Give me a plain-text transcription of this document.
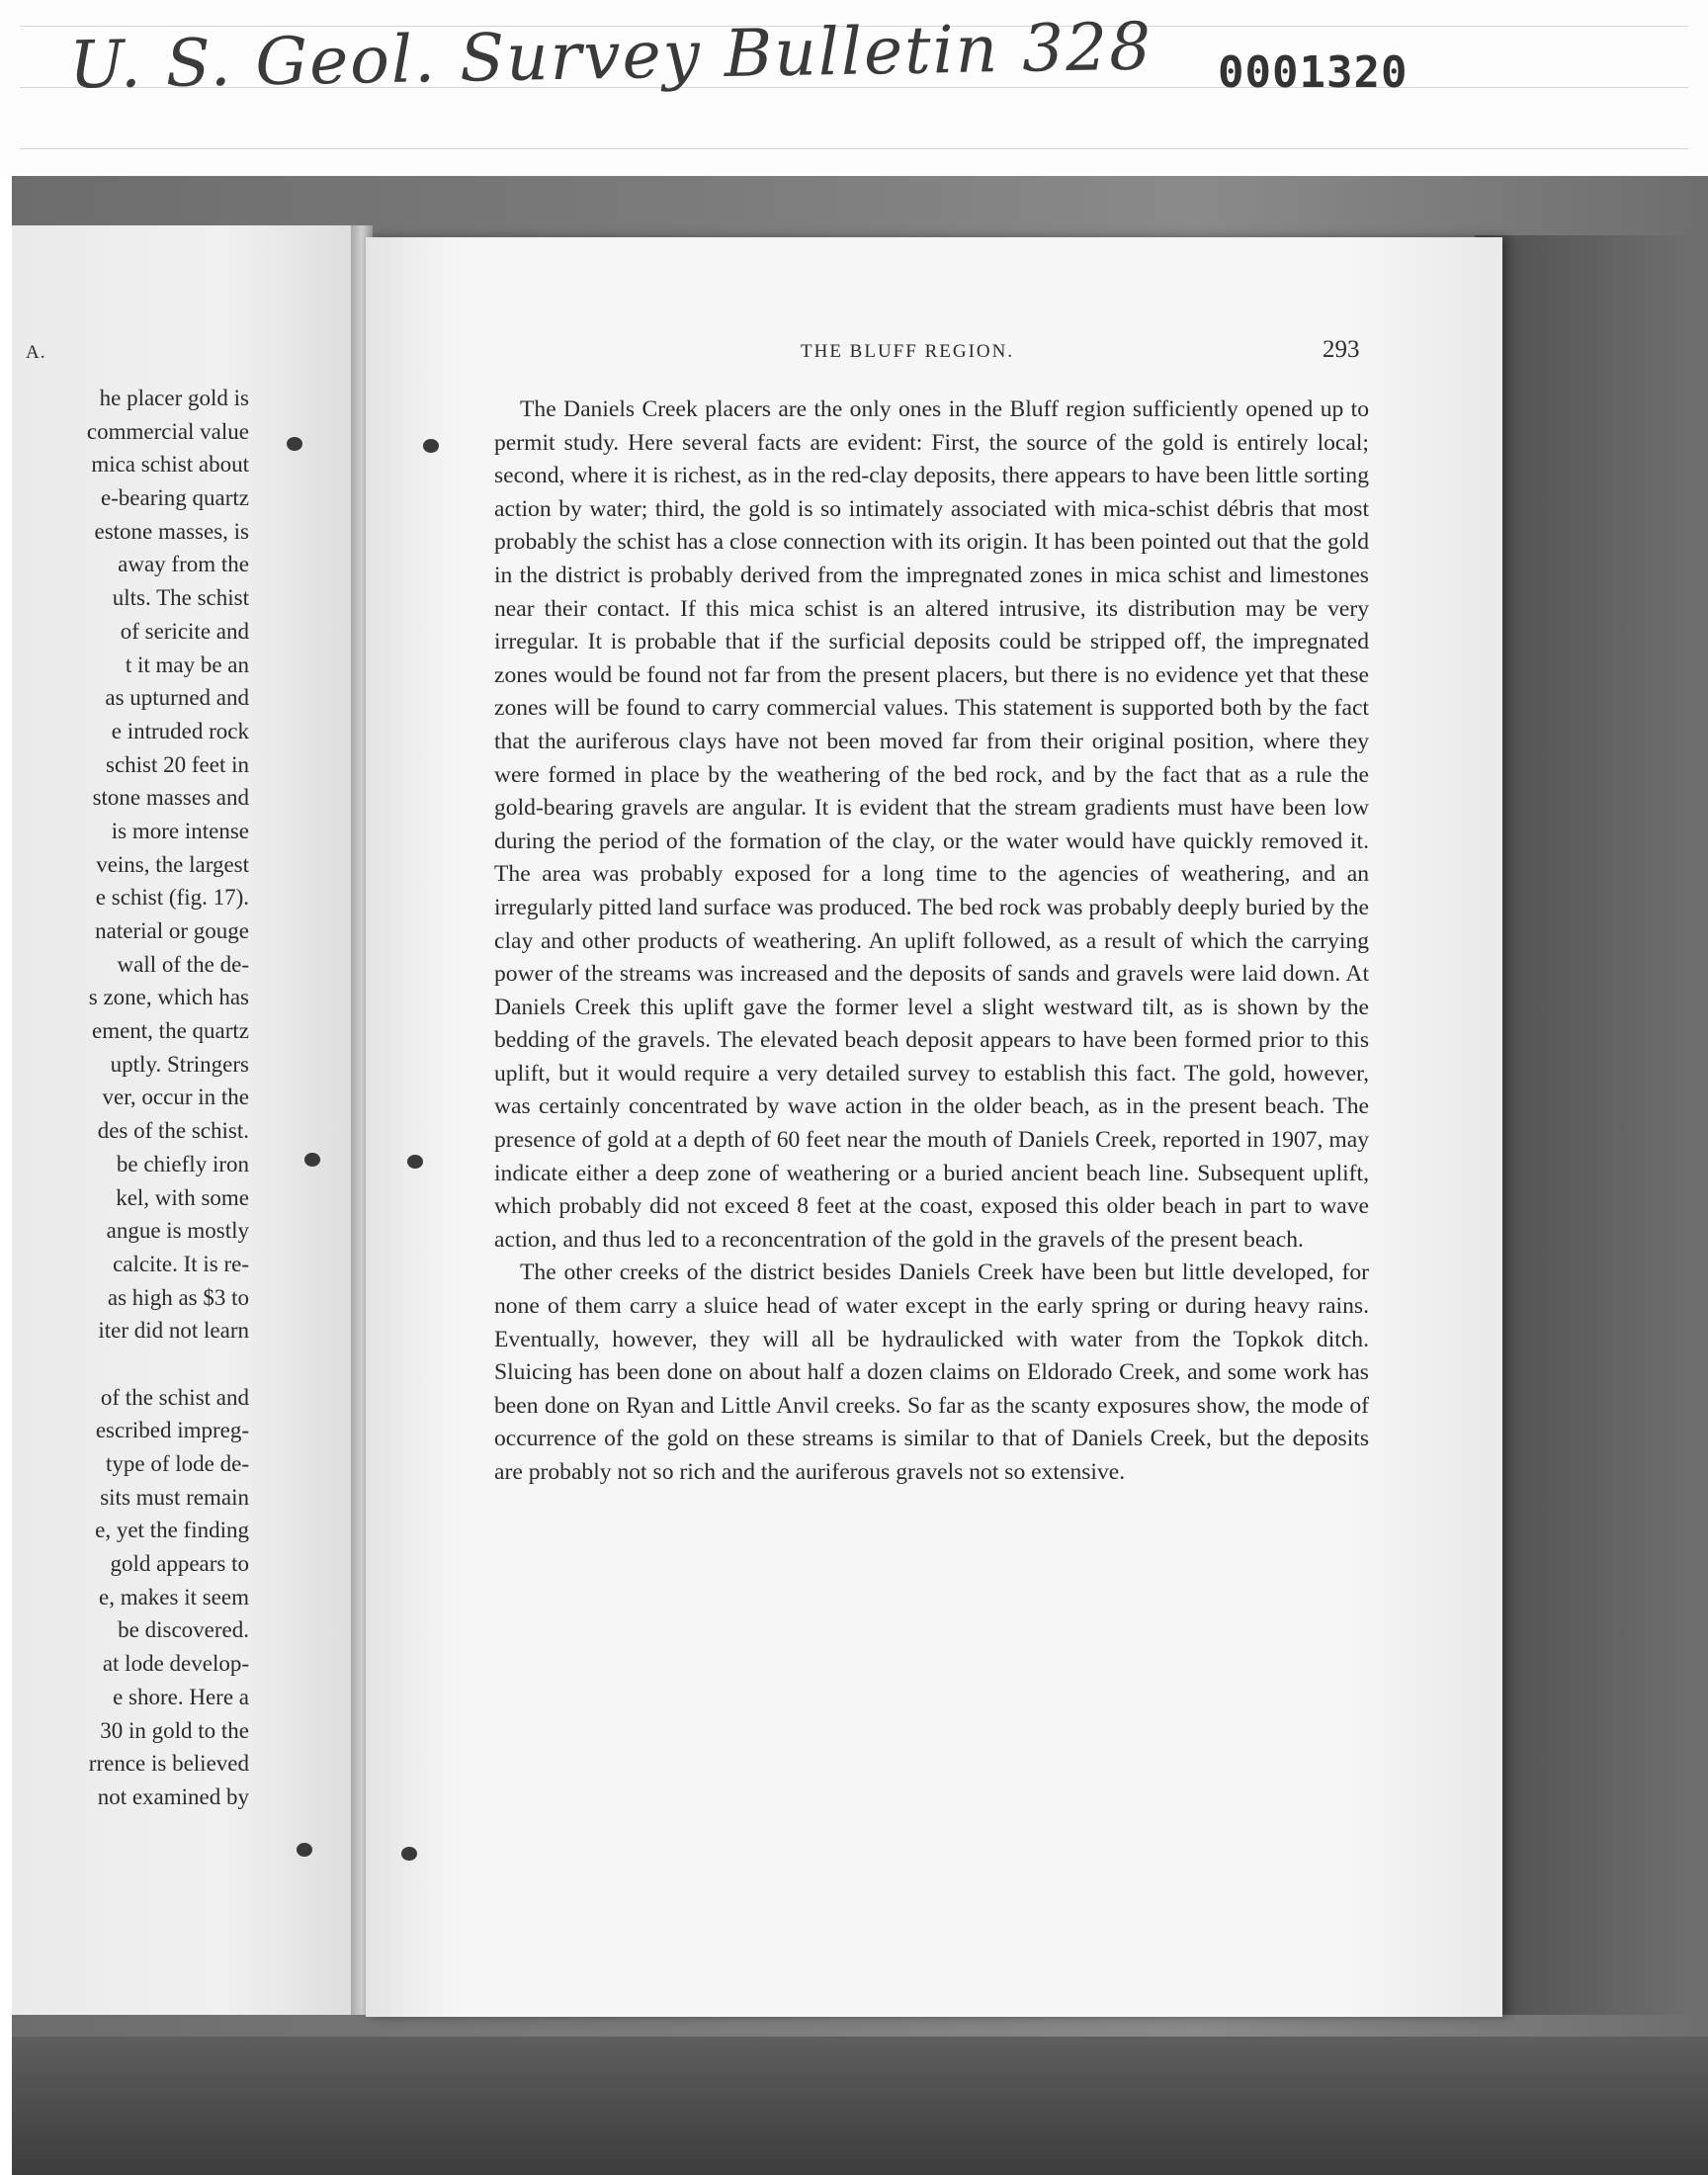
U. S. Geol. Survey Bulletin 328 0001320
A.
he placer gold is
commercial value
mica schist about
e-bearing quartz
estone masses, is
away from the
ults. The schist
of sericite and
t it may be an
as upturned and
e intruded rock
schist 20 feet in
stone masses and
is more intense
veins, the largest
e schist (fig. 17).
naterial or gouge
wall of the de-
s zone, which has
ement, the quartz
uptly. Stringers
ver, occur in the
des of the schist.
be chiefly iron
kel, with some
angue is mostly
calcite. It is re-
as high as $3 to
iter did not learn
of the schist and
escribed impreg-
type of lode de-
sits must remain
e, yet the finding
gold appears to
e, makes it seem
be discovered.
at lode develop-
e shore. Here a
30 in gold to the
rrence is believed
not examined by
THE BLUFF REGION.	293

The Daniels Creek placers are the only ones in the Bluff region sufficiently opened up to permit study. Here several facts are evident: First, the source of the gold is entirely local; second, where it is richest, as in the red-clay deposits, there appears to have been little sorting action by water; third, the gold is so intimately associated with mica-schist débris that most probably the schist has a close connection with its origin. It has been pointed out that the gold in the district is probably derived from the impregnated zones in mica schist and limestones near their contact. If this mica schist is an altered intrusive, its distribution may be very irregular. It is probable that if the surficial deposits could be stripped off, the impregnated zones would be found not far from the present placers, but there is no evidence yet that these zones will be found to carry commercial values. This statement is supported both by the fact that the auriferous clays have not been moved far from their original position, where they were formed in place by the weathering of the bed rock, and by the fact that as a rule the gold-bearing gravels are angular. It is evident that the stream gradients must have been low during the period of the formation of the clay, or the water would have quickly removed it. The area was probably exposed for a long time to the agencies of weathering, and an irregularly pitted land surface was produced. The bed rock was probably deeply buried by the clay and other products of weathering. An uplift followed, as a result of which the carrying power of the streams was increased and the deposits of sands and gravels were laid down. At Daniels Creek this uplift gave the former level a slight westward tilt, as is shown by the bedding of the gravels. The elevated beach deposit appears to have been formed prior to this uplift, but it would require a very detailed survey to establish this fact. The gold, however, was certainly concentrated by wave action in the older beach, as in the present beach. The presence of gold at a depth of 60 feet near the mouth of Daniels Creek, reported in 1907, may indicate either a deep zone of weathering or a buried ancient beach line. Subsequent uplift, which probably did not exceed 8 feet at the coast, exposed this older beach in part to wave action, and thus led to a reconcentration of the gold in the gravels of the present beach.

The other creeks of the district besides Daniels Creek have been but little developed, for none of them carry a sluice head of water except in the early spring or during heavy rains. Eventually, however, they will all be hydraulicked with water from the Topkok ditch. Sluicing has been done on about half a dozen claims on Eldorado Creek, and some work has been done on Ryan and Little Anvil creeks. So far as the scanty exposures show, the mode of occurrence of the gold on these streams is similar to that of Daniels Creek, but the deposits are probably not so rich and the auriferous gravels not so extensive.
